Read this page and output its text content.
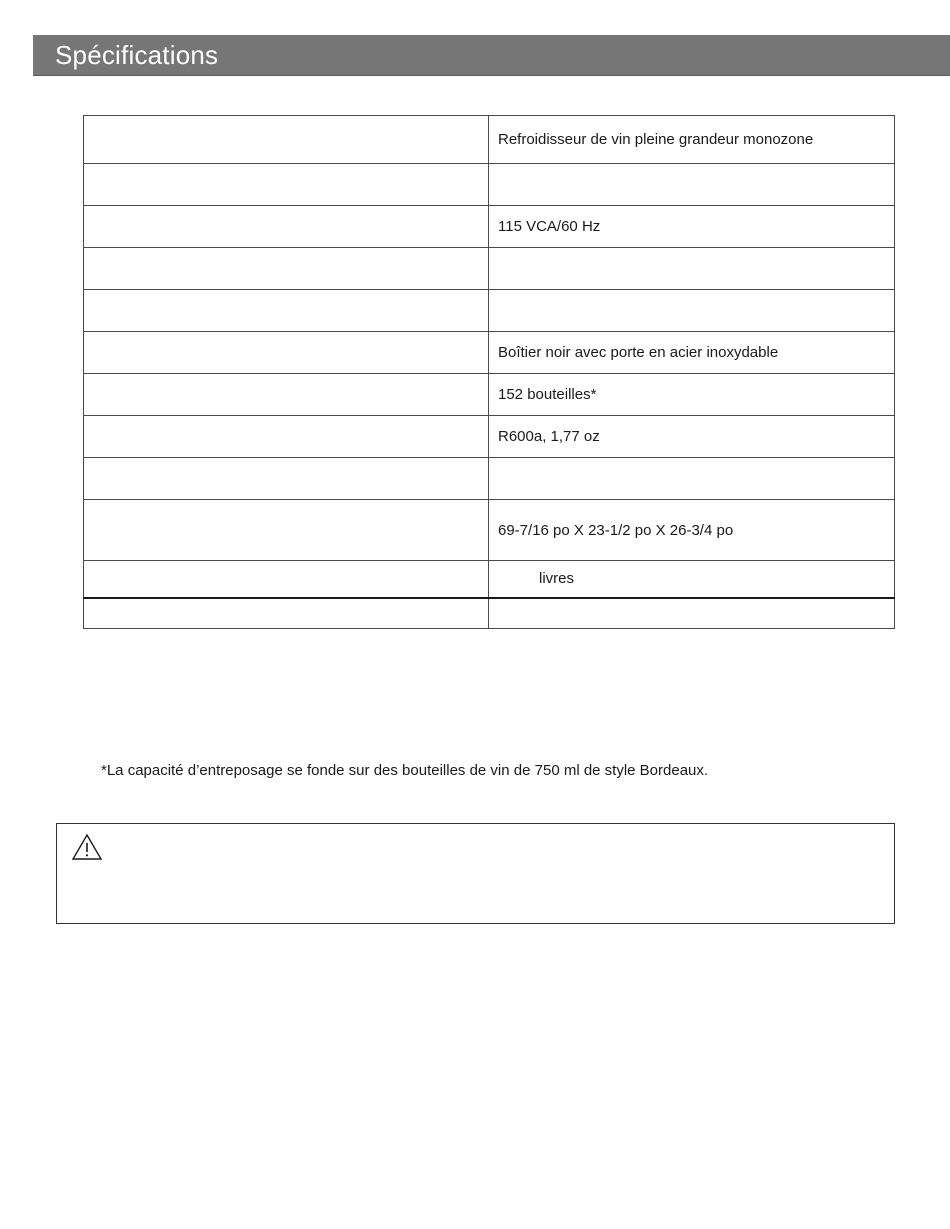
Spécifications
	Refroidisseur de vin pleine grandeur monozone

	115 VCA/60 Hz

	Boîtier noir avec porte en acier inoxydable
	152 bouteilles*
	R600a, 1,77 oz

	69-7/16 po X 23-1/2 po X 26-3/4 po
	livres

*La capacité d’entreposage se fonde sur des bouteilles de vin de 750 ml de style Bordeaux.
